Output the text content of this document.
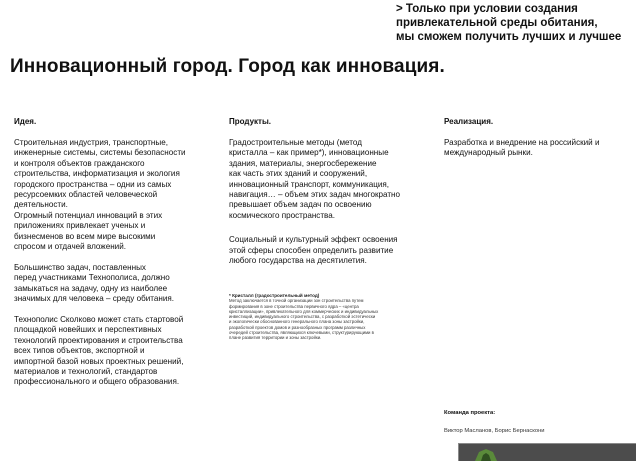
> Только при условии создания
привлекательной среды обитания,
мы сможем получить лучших и лучшее
Инновационный город. Город как инновация.
Идея.
Строительная индустрия, транспортные,
инженерные системы, системы безопасности
и контроля объектов гражданского
строительства, информатизация и экология
городского пространства – одни из самых
ресурсоемких областей человеческой
деятельности.
Огромный потенциал инноваций в этих
приложениях привлекает ученых и
бизнесменов во всем мире высокими
спросом и отдачей вложений.
Большинство задач, поставленных
перед участниками Технополиса, должно
замыкаться на задачу, одну из наиболее
значимых для человека – среду обитания.
Технополис Сколково может стать стартовой
площадкой новейших и перспективных
технологий проектирования и строительства
всех типов объектов, экспортной и
импортной базой новых проектных решений,
материалов и технологий, стандартов
профессионального и общего образования.
Продукты.
Градостроительные методы (метод
кристалла – как пример*), инновационные
здания, материалы, энергосбережение
как часть этих зданий и сооружений,
инновационный транспорт, коммуникация,
навигация… – объем этих задач многократно
превышает объем задач по освоению
космического пространства.
Социальный и культурный эффект освоения
этой сферы способен определить развитие
любого государства на десятилетия.
* Кристалл (градостроительный метод)
Метод заключается в точной организации зон строительства путем
формирования в зоне строительства первичного ядра – «центра
кристаллизации», привлекательного для коммерческих и индивидуальных
инвестиций, индивидуального строительства, с разработкой эстетически
и экологически обоснованного генерального плана зоны застройки,
разработкой проектов домов и разнообразных программ различных
очередей строительства, являющихся ключевыми, структурирующими в
плане развития территории и зоны застройки.
Реализация.
Разработка и внедрение на российский и
международный рынки.
Команда проекта:
Виктор Масланов, Борис Бернаскони
